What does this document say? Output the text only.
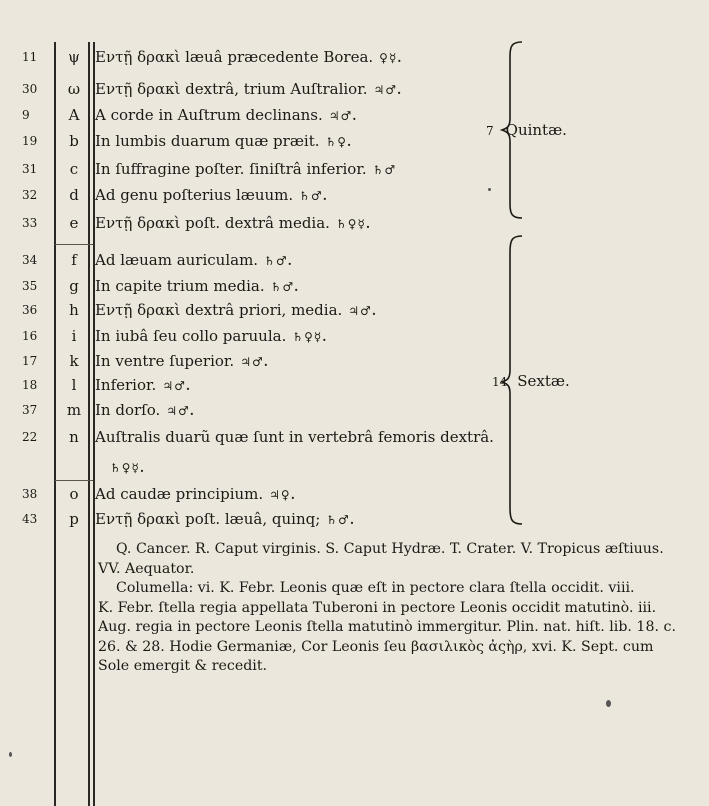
11	ψ	Εντῇ δρακὶ læuâ præcedente Borea. ♀☿.
30	ω Εντῇ δρακὶ dextrâ, trium Auſtralior. ♃♂.
9	A	A corde in Auſtrum declinans. ♃♂.
19	b	In lumbis duarum quæ præit. ♄♀.
31	c	In ſuffragine poſter. ſiniſtrâ inferior. ♄♂
32	d	Ad genu poſterius læuum. ♄♂.
33	e	Εντῇ δρακὶ poſt. dextrâ media. ♄♀☿.
34	f	Ad læuam auriculam. ♄♂.
35	g	In capite trium media. ♄♂.
36	h	Εντῇ δρακὶ dextrâ priori, media. ♃♂.
16	i	In iubâ ſeu collo paruula. ♄♀☿.
17	k	In ventre ſuperior. ♃♂.
18	l	Inferior. ♃♂.
37	m In dorſo. ♃♂.
22	n	Auſtralis duarũ quæ ſunt in vertebrâ femoris dextrâ.
♄♀☿.
38	o	Ad caudæ principium. ♃♀.
43	p	Εντῇ δρακὶ poſt. læuâ, quinq; ♄♂.
7 Quintæ.
14 Sextæ.

Q. Cancer. R. Caput virginis. S. Caput Hydræ. T. Crater. V. Tropicus æſtiuus.

VV. Aequator.

Columella: vi. K. Febr. Leonis quæ eſt in pectore clara ſtella occidit. viii.

K. Febr. ſtella regia appellata Tuberoni in pectore Leonis occidit matutinò. iii.

Aug. regia in pectore Leonis ſtella matutinò immergitur. Plin. nat. hiſt. lib. 18. c.

26. & 28. Hodie Germaniæ, Cor Leonis ſeu βασιλικὸς ἀςὴρ, xvi. K. Sept. cum

Sole emergit & recedit.
